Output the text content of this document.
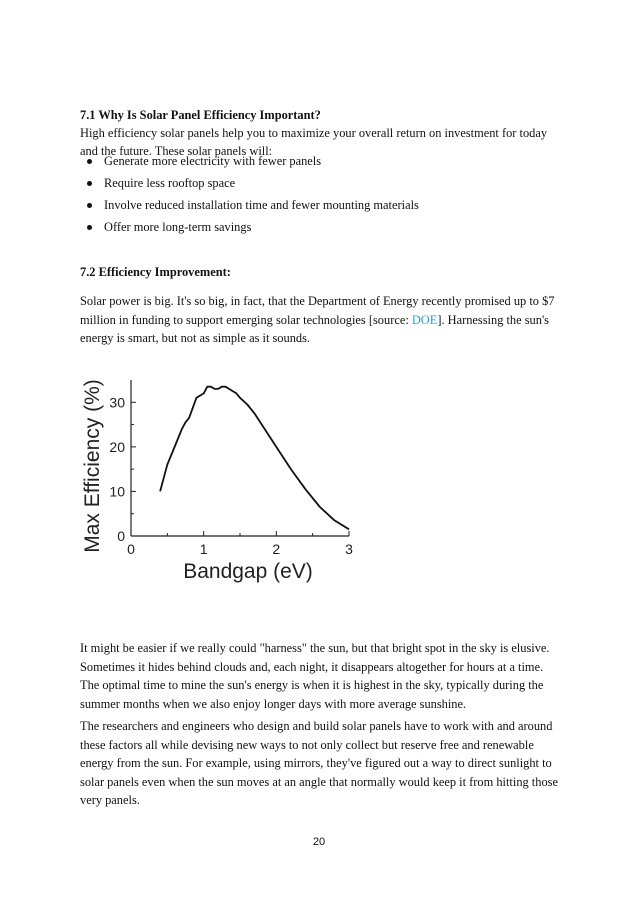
7.1 Why Is Solar Panel Efficiency Important?
High efficiency solar panels help you to maximize your overall return on investment for today and the future. These solar panels will:
Generate more electricity with fewer panels
Require less rooftop space
Involve reduced installation time and fewer mounting materials
Offer more long-term savings
7.2 Efficiency Improvement:
Solar power is big. It's so big, in fact, that the Department of Energy recently promised up to $7 million in funding to support emerging solar technologies [source: DOE]. Harnessing the sun's energy is smart, but not as simple as it sounds.
0
10
20
30
0	1	2	3
Bandgap (eV)
Max Efficiency (%)
It might be easier if we really could "harness" the sun, but that bright spot in the sky is elusive. Sometimes it hides behind clouds and, each night, it disappears altogether for hours at a time. The optimal time to mine the sun's energy is when it is highest in the sky, typically during the summer months when we also enjoy longer days with more average sunshine.
The researchers and engineers who design and build solar panels have to work with and around these factors all while devising new ways to not only collect but reserve free and renewable energy from the sun. For example, using mirrors, they've figured out a way to direct sunlight to solar panels even when the sun moves at an angle that normally would keep it from hitting those very panels.
20
